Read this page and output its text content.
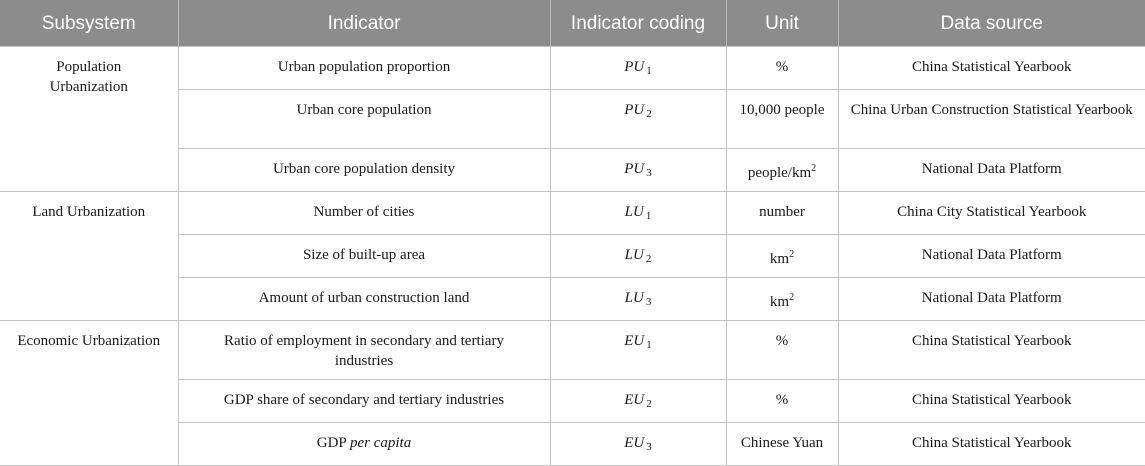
Subsystem	Indicator	Indicator coding	Unit	Data source
Population Urbanization	Urban population proportion	PU $_1$	%	China Statistical Yearbook
	Urban core population	PU $_2$	10,000 people	China Urban Construction Statistical Yearbook
	Urban core population density	PU $_3$	people/$km^2$	National Data Platform
Land Urbanization	Number of cities	LU $_1$	number	China City Statistical Yearbook
	Size of built-up area	LU $_2$	$km^2$	National Data Platform
	Amount of urban construction land	LU $_3$	$km^2$	National Data Platform
Economic Urbanization	Ratio of employment in secondary and tertiary industries	EU $_1$	%	China Statistical Yearbook
	GDP share of secondary and tertiary industries	EU $_2$	%	China Statistical Yearbook
	GDP per capita	EU $_3$	Chinese Yuan	China Statistical Yearbook
